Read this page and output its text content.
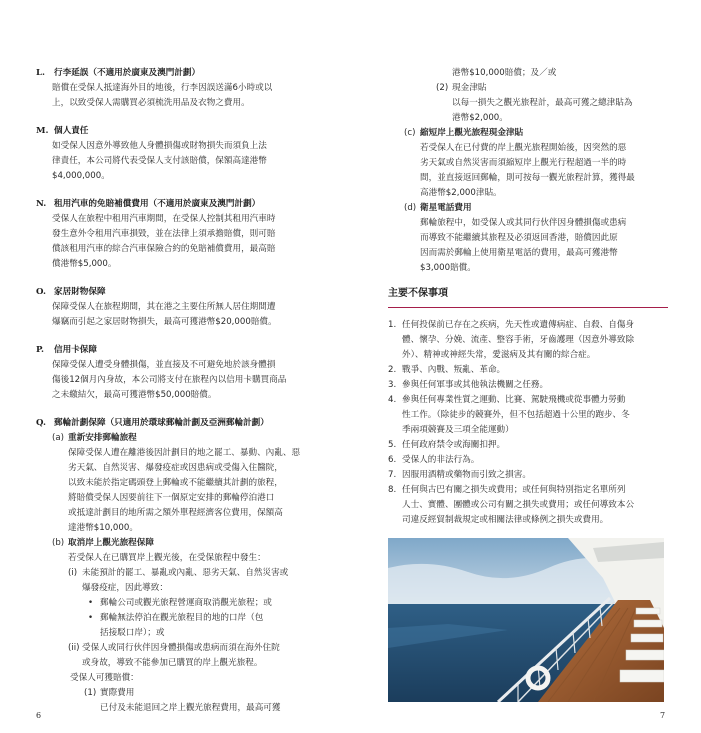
L.	行李延誤（不適用於廣東及澳門計劃）
賠償在受保人抵達海外目的地後，行李因誤送滿6小時或以
上，以致受保人需購買必須梳洗用品及衣物之費用。
M. 個人責任
如受保人因意外導致他人身體損傷或財物損失而須負上法
律責任，本公司將代表受保人支付該賠償，保額高達港幣
$4,000,000。
N. 租用汽車的免賠補償費用（不適用於廣東及澳門計劃）
受保人在旅程中租用汽車期間，在受保人控制其租用汽車時
發生意外令租用汽車損毀，並在法律上須承擔賠償，則可賠
償該租用汽車的綜合汽車保險合約的免賠補償費用，最高賠
償港幣$5,000。
O. 家居財物保障
保障受保人在旅程期間，其在港之主要住所無人居住期間遭
爆竊而引起之家居財物損失，最高可獲港幣$20,000賠償。
P.	信用卡保障
保障受保人遭受身體損傷，並直接及不可避免地於該身體損
傷後12個月內身故，本公司將支付在旅程內以信用卡購買商品
之未繳結欠，最高可獲港幣$50,000賠償。
Q. 郵輪計劃保障（只適用於環球郵輪計劃及亞洲郵輪計劃）
(a) 重新安排郵輪旅程
保障受保人遭在離港後因計劃目的地之罷工、暴動、內亂、惡
劣天氣、自然災害、爆發疫症或因患病或受傷入住醫院，
以致未能於指定碼頭登上郵輪或不能繼續其計劃的旅程，
將賠償受保人因要前往下一個原定安排的郵輪停泊港口
或抵達計劃目的地所需之額外單程經濟客位費用，保額高
達港幣$10,000。
(b) 取消岸上觀光旅程保障
若受保人在已購買岸上觀光後，在受保旅程中發生：
(i) 未能預計的罷工、暴亂或內亂、惡劣天氣、自然災害或
爆發疫症，因此導致：
• 郵輪公司或觀光旅程營運商取消觀光旅程；或
• 郵輪無法停泊在觀光旅程目的地的口岸（包
括接駁口岸）；或
(ii) 受保人或同行伙伴因身體損傷或患病而須在海外住院
或身故，導致不能參加已購買的岸上觀光旅程。
受保人可獲賠償：
(1) 實際費用
已付及未能退回之岸上觀光旅程費用，最高可獲
6
港幣$10,000賠償；及／或
(2) 現金津貼
以每一損失之觀光旅程計，最高可獲之總津貼為
港幣$2,000。
(c) 縮短岸上觀光旅程現金津貼
若受保人在已付費的岸上觀光旅程開始後，因突然的惡
劣天氣或自然災害而須縮短岸上觀光行程超過一半的時
間，並直接返回郵輪，則可按每一觀光旅程計算，獲得最
高港幣$2,000津貼。
(d) 衛星電話費用
郵輪旅程中，如受保人或其同行伙伴因身體損傷或患病
而導致不能繼續其旅程及必須返回香港，賠償因此原
因而需於郵輪上使用衛星電話的費用，最高可獲港幣
$3,000賠償。
主要不保事項
1. 任何投保前已存在之疾病，先天性或遺傳病症、自殺、自傷身
體、懷孕、分娩、流產、整容手術，牙齒護理（因意外導致除
外）、精神或神經失常，愛滋病及其有關的綜合症。
2. 戰爭、內戰、叛亂、革命。
3. 參與任何軍事或其他執法機關之任務。
4. 參與任何專業性質之運動、比賽、駕駛飛機或從事體力勞動
性工作。（除徒步的競賽外，但不包括超過十公里的跑步、冬
季兩項競賽及三項全能運動）
5. 任何政府禁令或海關扣押。
6. 受保人的非法行為。
7. 因服用酒精或藥物而引致之損害。
8. 任何與古巴有關之損失或費用；或任何與特別指定名單所列
人士、實體、團體或公司有關之損失或費用；或任何導致本公
司違反經貿制裁規定或相關法律或條例之損失或費用。
7
